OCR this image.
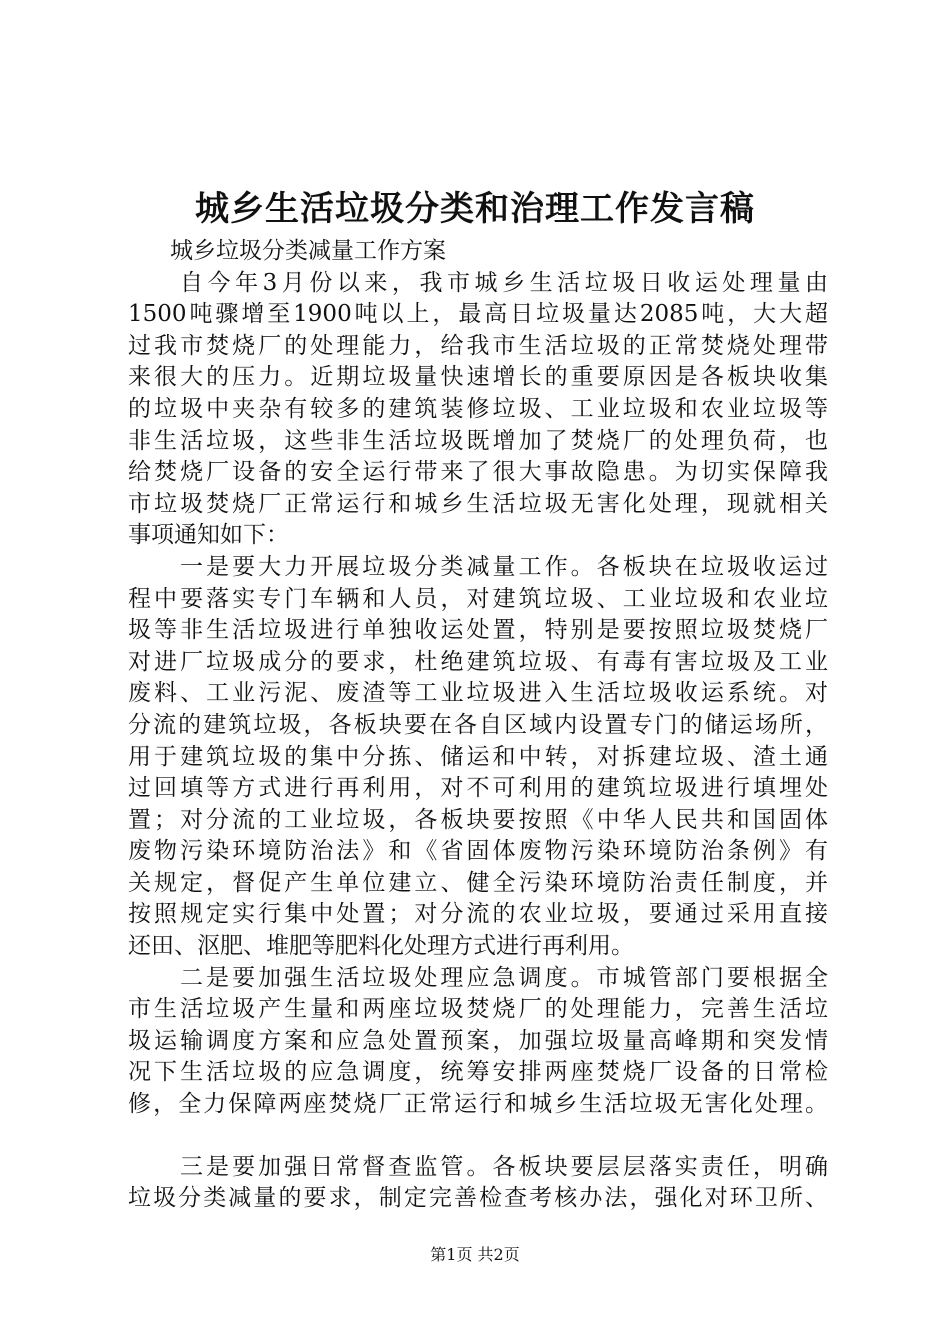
城乡生活垃圾分类和治理工作发言稿
城乡垃圾分类减量工作方案
自今年3月份以来，我市城乡生活垃圾日收运处理量由
1500吨骤增至1900吨以上，最高日垃圾量达2085吨，大大超
过我市焚烧厂的处理能力，给我市生活垃圾的正常焚烧处理带
来很大的压力。近期垃圾量快速增长的重要原因是各板块收集
的垃圾中夹杂有较多的建筑装修垃圾、工业垃圾和农业垃圾等
非生活垃圾，这些非生活垃圾既增加了焚烧厂的处理负荷，也
给焚烧厂设备的安全运行带来了很大事故隐患。为切实保障我
市垃圾焚烧厂正常运行和城乡生活垃圾无害化处理，现就相关
事项通知如下：
一是要大力开展垃圾分类减量工作。各板块在垃圾收运过
程中要落实专门车辆和人员，对建筑垃圾、工业垃圾和农业垃
圾等非生活垃圾进行单独收运处置，特别是要按照垃圾焚烧厂
对进厂垃圾成分的要求，杜绝建筑垃圾、有毒有害垃圾及工业
废料、工业污泥、废渣等工业垃圾进入生活垃圾收运系统。对
分流的建筑垃圾，各板块要在各自区域内设置专门的储运场所，
用于建筑垃圾的集中分拣、储运和中转，对拆建垃圾、渣土通
过回填等方式进行再利用，对不可利用的建筑垃圾进行填埋处
置；对分流的工业垃圾，各板块要按照《中华人民共和国固体
废物污染环境防治法》和《省固体废物污染环境防治条例》有
关规定，督促产生单位建立、健全污染环境防治责任制度，并
按照规定实行集中处置；对分流的农业垃圾，要通过采用直接
还田、沤肥、堆肥等肥料化处理方式进行再利用。
二是要加强生活垃圾处理应急调度。市城管部门要根据全
市生活垃圾产生量和两座垃圾焚烧厂的处理能力，完善生活垃
圾运输调度方案和应急处置预案，加强垃圾量高峰期和突发情
况下生活垃圾的应急调度，统筹安排两座焚烧厂设备的日常检
修，全力保障两座焚烧厂正常运行和城乡生活垃圾无害化处理。
三是要加强日常督查监管。各板块要层层落实责任，明确
垃圾分类减量的要求，制定完善检查考核办法，强化对环卫所、
第1页 共2页
